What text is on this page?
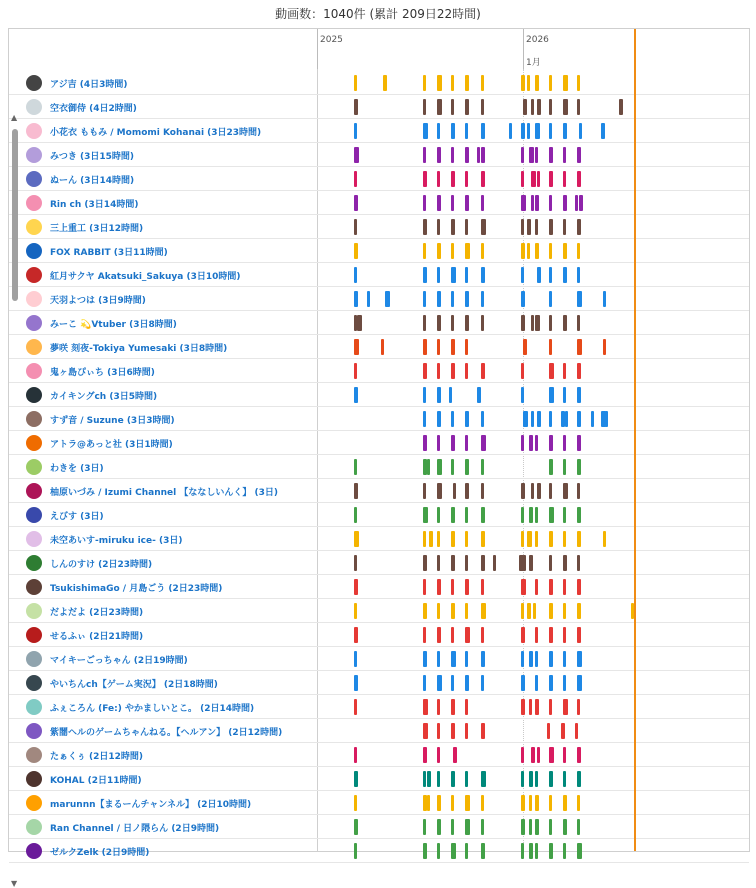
動画数：1040件 (累計 209日22時間)
2025	2026
1月
アジ吉 (4日3時間)
空衣御侍 (4日2時間)
小花衣 ももみ / Momomi Kohanai (3日23時間)
みつき (3日15時間)
ぬーん (3日14時間)
Rin ch (3日14時間)
三上重工 (3日12時間)
FOX RABBIT (3日11時間)
紅月サクヤ Akatsuki_Sakuya (3日10時間)
天羽よつは (3日9時間)
みーこ 💫Vtuber (3日8時間)
夢咲 刻夜-Tokiya Yumesaki (3日8時間)
鬼ヶ島ぴぃち (3日6時間)
カイキングch (3日5時間)
すず音 / Suzune (3日3時間)
アトラ@あっと社 (3日1時間)
わきを (3日)
柚原いづみ / Izumi Channel 【ななしいんく】 (3日)
えびす (3日)
未空あいす-miruku ice- (3日)
しんのすけ (2日23時間)
TsukishimaGo / 月島ごう (2日23時間)
だよだよ (2日23時間)
せるふぃ (2日21時間)
マイキーごっちゃん (2日19時間)
やいちんch【ゲーム実況】 (2日18時間)
ふぇころん (Fe:) やかましいとこ。 (2日14時間)
紫闇ヘルのゲームちゃんねる。【ヘルアン】 (2日12時間)
たぁくぅ (2日12時間)
KOHAL (2日11時間)
marunnn【まるーんチャンネル】 (2日10時間)
Ran Channel / 日ノ隈らん (2日9時間)
ゼルクZelk (2日9時間)
▲
▼
